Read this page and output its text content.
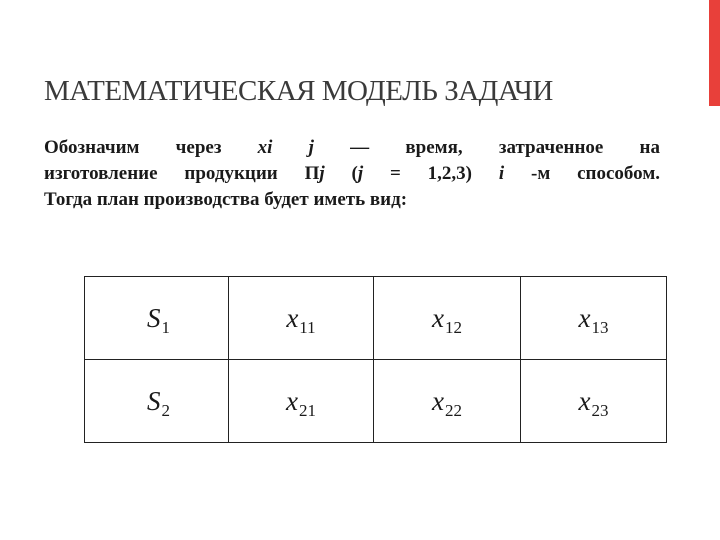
МАТЕМАТИЧЕСКАЯ МОДЕЛЬ ЗАДАЧИ
Обозначим через xi j — время, затраченное на
изготовление продукции Пj (j = 1,2,3) i -м способом.
Тогда план производства будет иметь вид:
$S_1$	$x_{11}$	$x_{12}$	$x_{13}$
$S_2$	$x_{21}$	$x_{22}$	$x_{23}$
